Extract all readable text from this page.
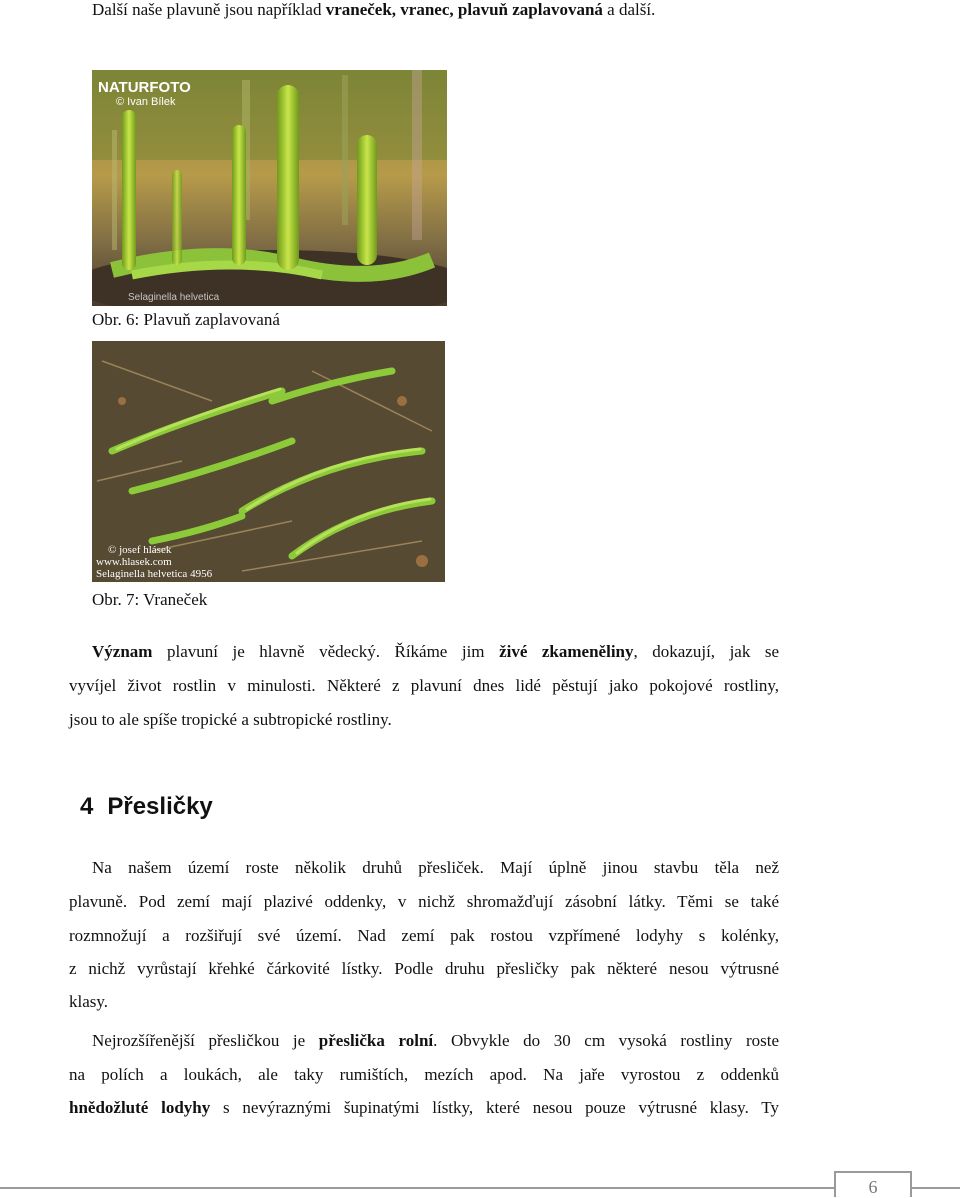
Další naše plavuně jsou například vraneček, vranec, plavuň zaplavovaná a další.
NATURFOTO
© Ivan Bílek
Selaginella helvetica
Obr. 6: Plavuň zaplavovaná
© josef hlásek
www.hlasek.com
Selaginella helvetica 4956
Obr. 7: Vraneček
Význam plavuní je hlavně vědecký. Říkáme jim živé zkameněliny, dokazují, jak se
vyvíjel život rostlin v minulosti. Některé z plavuní dnes lidé pěstují jako pokojové rostliny,
jsou to ale spíše tropické a subtropické rostliny.
4 Přesličky
Na našem území roste několik druhů přesliček. Mají úplně jinou stavbu těla než
plavuně. Pod zemí mají plazivé oddenky, v nichž shromažďují zásobní látky. Těmi se také
rozmnožují a rozšiřují své území. Nad zemí pak rostou vzpřímené lodyhy s kolénky,
z nichž vyrůstají křehké čárkovité lístky. Podle druhu přesličky pak některé nesou výtrusné
klasy.
Nejrozšířenější přesličkou je přeslička rolní. Obvykle do 30 cm vysoká rostliny roste
na polích a loukách, ale taky rumištích, mezích apod. Na jaře vyrostou z oddenků
hnědožluté lodyhy s nevýraznými šupinatými lístky, které nesou pouze výtrusné klasy. Ty
6
